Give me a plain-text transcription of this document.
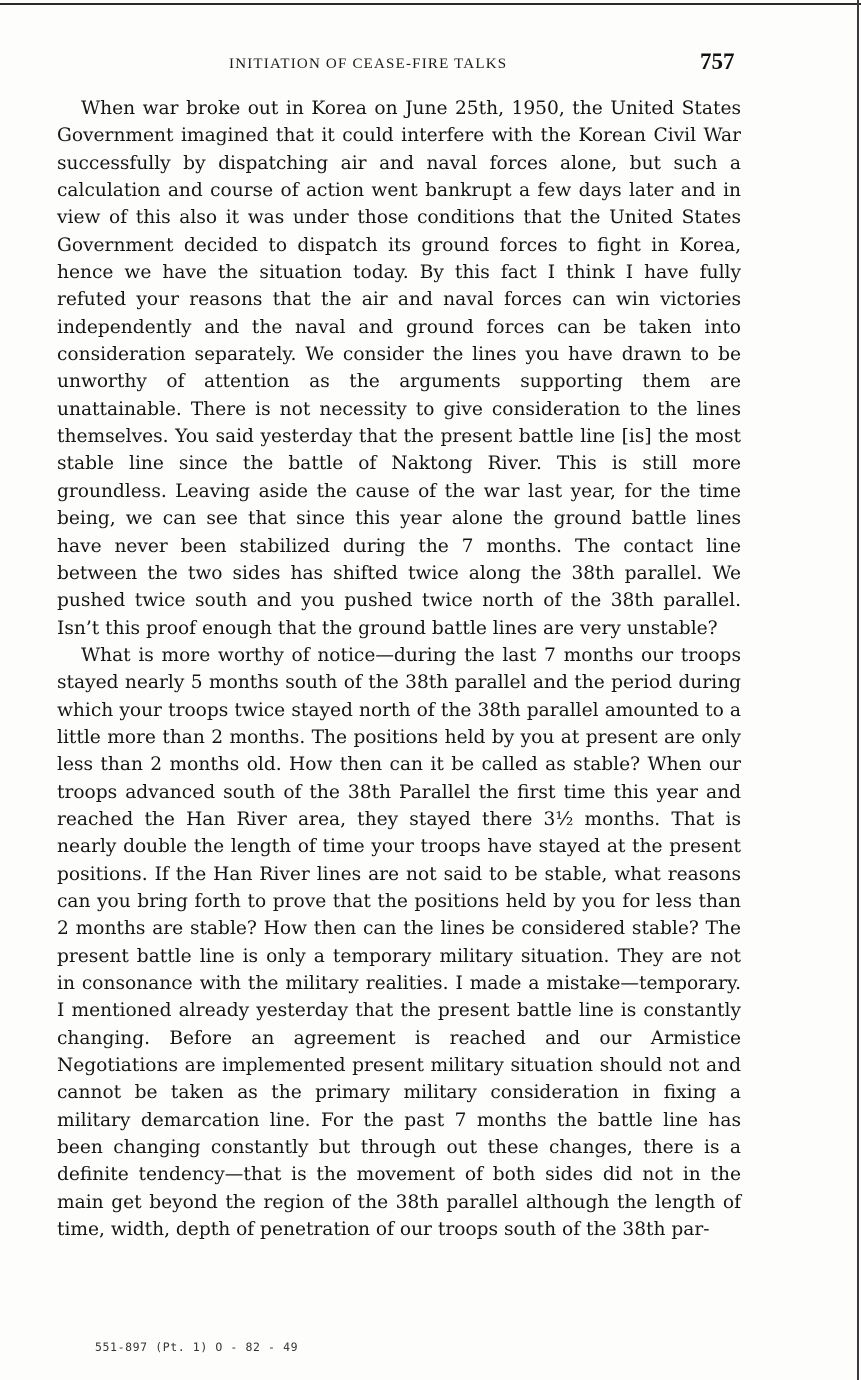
INITIATION OF CEASE-FIRE TALKS	757

When war broke out in Korea on June 25th, 1950, the United States Government imagined that it could interfere with the Korean Civil War successfully by dispatching air and naval forces alone, but such a calculation and course of action went bankrupt a few days later and in view of this also it was under those conditions that the United States Government decided to dispatch its ground forces to fight in Korea, hence we have the situation today. By this fact I think I have fully refuted your reasons that the air and naval forces can win victories independently and the naval and ground forces can be taken into consideration separately. We consider the lines you have drawn to be unworthy of attention as the arguments supporting them are unattainable. There is not necessity to give consideration to the lines themselves. You said yesterday that the present battle line [is] the most stable line since the battle of Naktong River. This is still more groundless. Leaving aside the cause of the war last year, for the time being, we can see that since this year alone the ground battle lines have never been stabilized during the 7 months. The contact line between the two sides has shifted twice along the 38th parallel. We pushed twice south and you pushed twice north of the 38th parallel. Isn’t this proof enough that the ground battle lines are very unstable?

What is more worthy of notice—during the last 7 months our troops stayed nearly 5 months south of the 38th parallel and the period during which your troops twice stayed north of the 38th parallel amounted to a little more than 2 months. The positions held by you at present are only less than 2 months old. How then can it be called as stable? When our troops advanced south of the 38th Parallel the first time this year and reached the Han River area, they stayed there 3½ months. That is nearly double the length of time your troops have stayed at the present positions. If the Han River lines are not said to be stable, what reasons can you bring forth to prove that the positions held by you for less than 2 months are stable? How then can the lines be considered stable? The present battle line is only a temporary military situation. They are not in consonance with the military realities. I made a mistake—temporary. I mentioned already yesterday that the present battle line is constantly changing. Before an agreement is reached and our Armistice Negotiations are implemented present military situation should not and cannot be taken as the primary military consideration in fixing a military demarcation line. For the past 7 months the battle line has been changing constantly but through out these changes, there is a definite tendency—that is the movement of both sides did not in the main get beyond the region of the 38th parallel although the length of time, width, depth of penetration of our troops south of the 38th par-

551-897 (Pt. 1) O - 82 - 49
